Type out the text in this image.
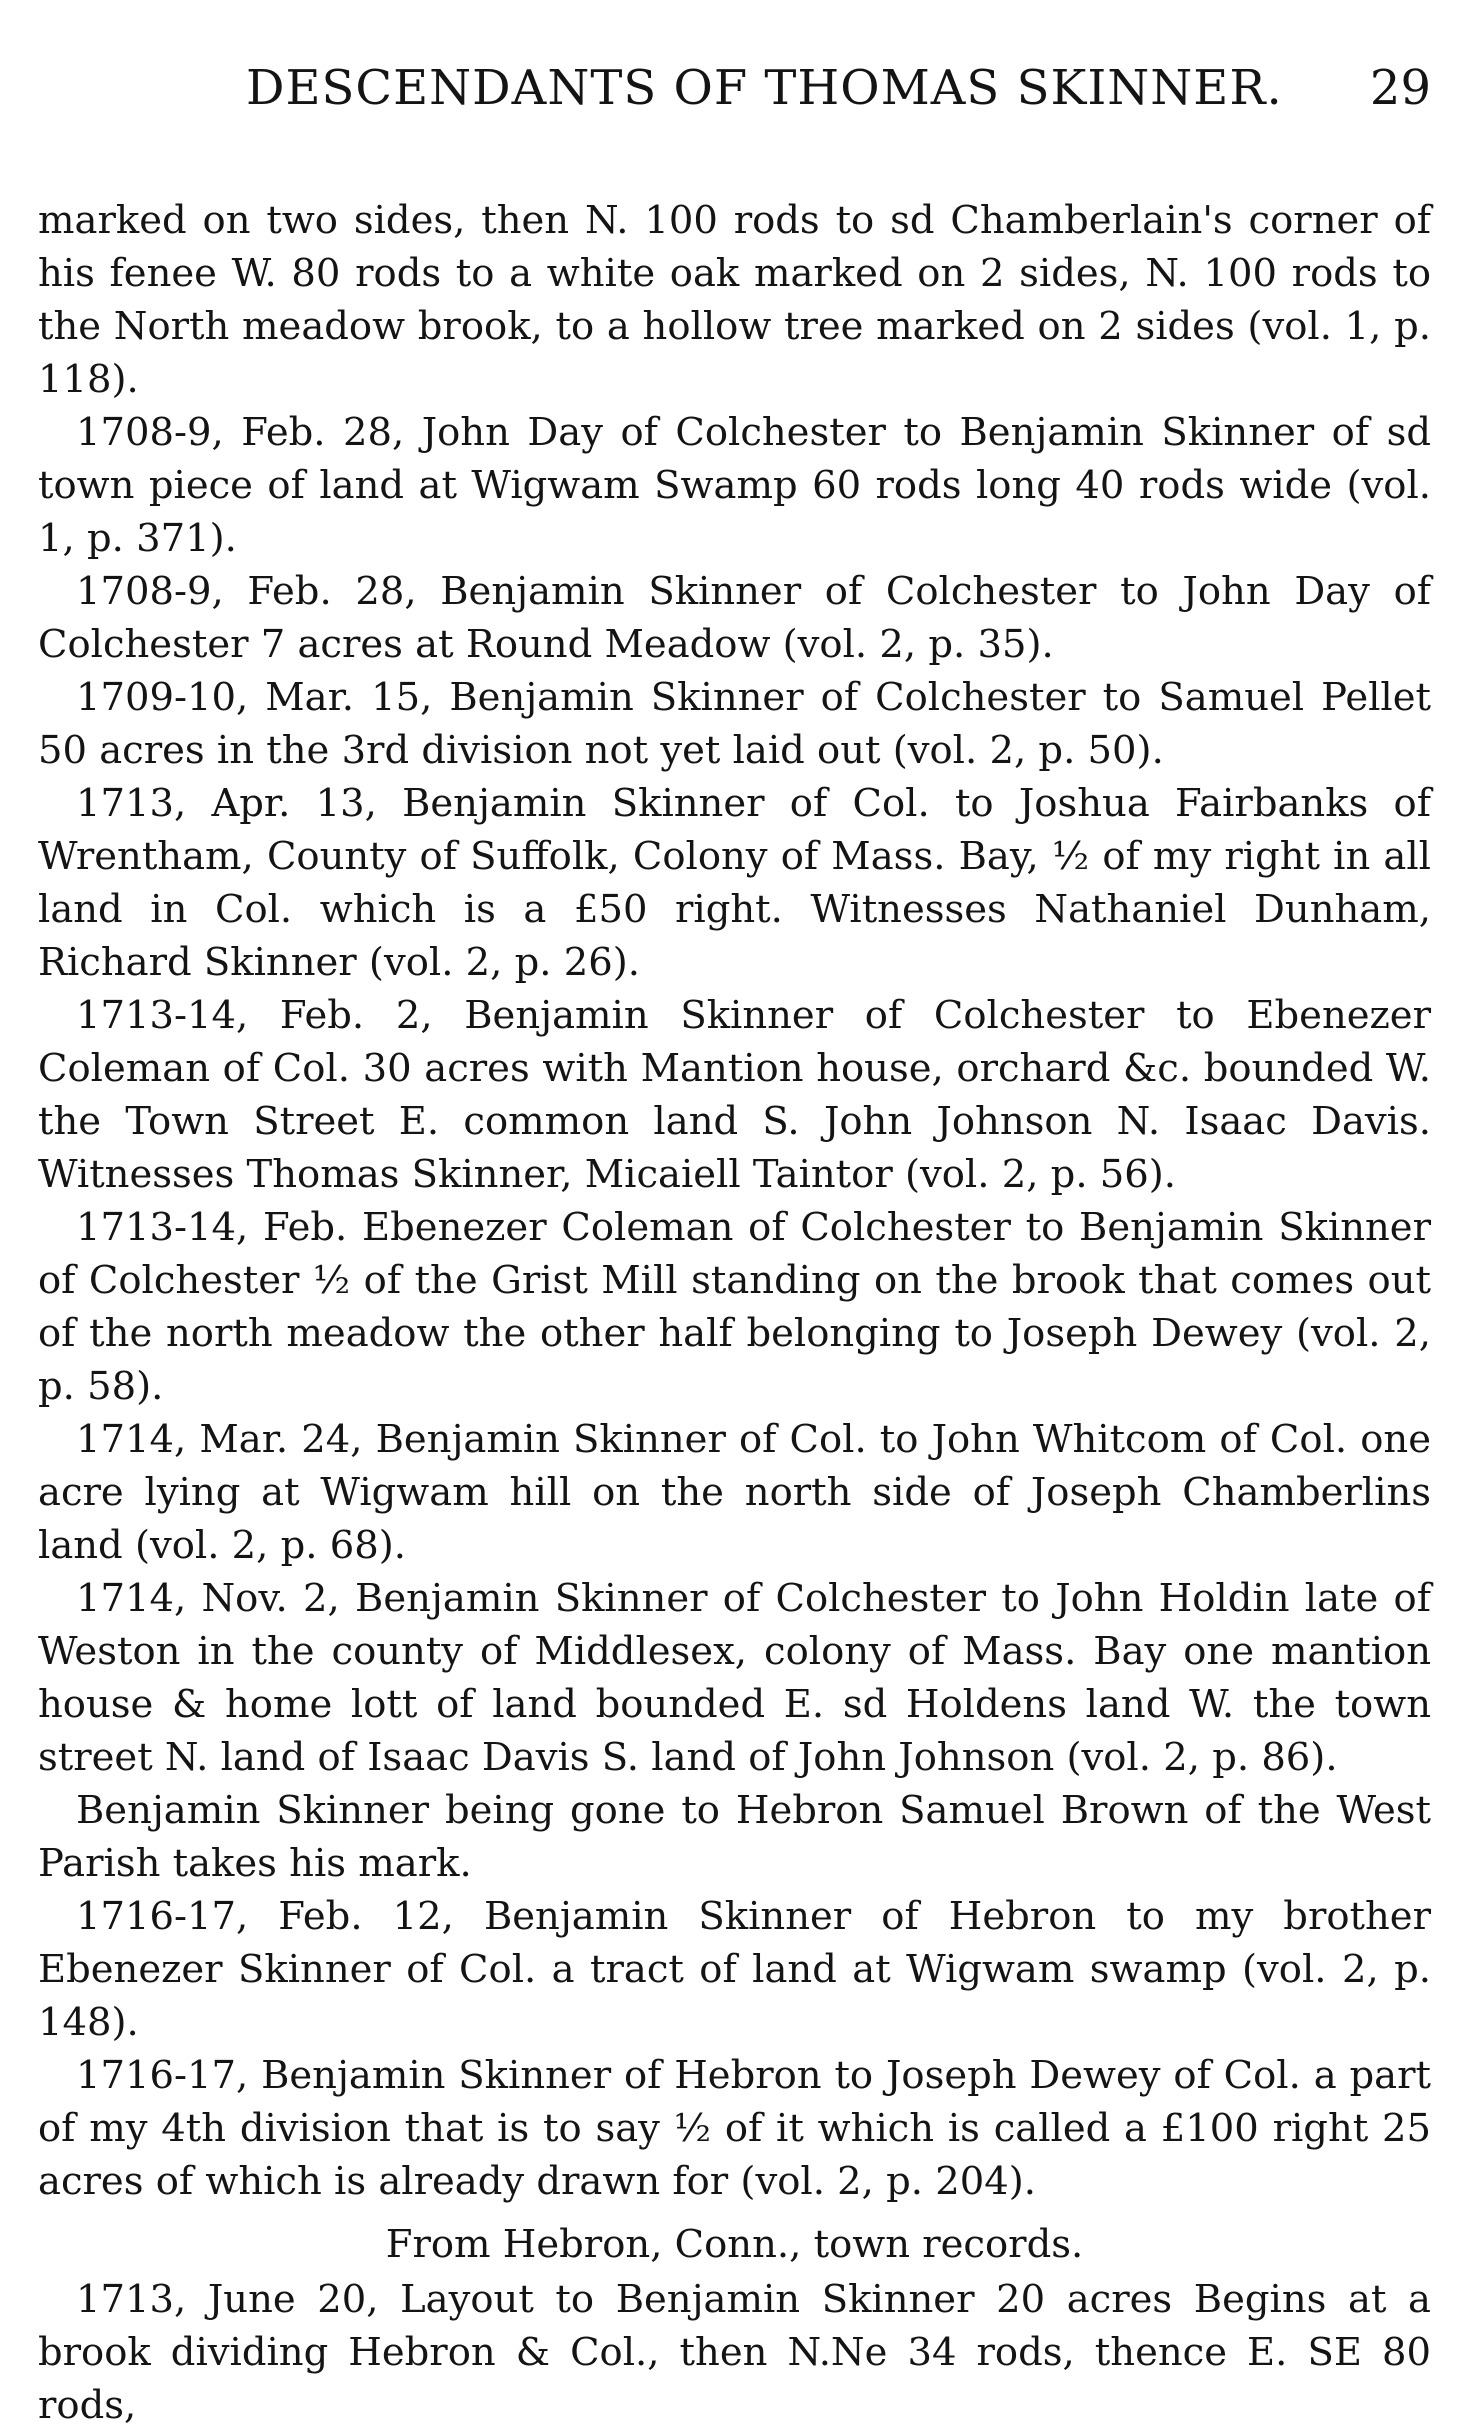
DESCENDANTS OF THOMAS SKINNER. 29

marked on two sides, then N. 100 rods to sd Chamberlain's corner of his fenee W. 80 rods to a white oak marked on 2 sides, N. 100 rods to the North meadow brook, to a hollow tree marked on 2 sides (vol. 1, p. 118).

1708-9, Feb. 28, John Day of Colchester to Benjamin Skinner of sd town piece of land at Wigwam Swamp 60 rods long 40 rods wide (vol. 1, p. 371).

1708-9, Feb. 28, Benjamin Skinner of Colchester to John Day of Colchester 7 acres at Round Meadow (vol. 2, p. 35).

1709-10, Mar. 15, Benjamin Skinner of Colchester to Samuel Pellet 50 acres in the 3rd division not yet laid out (vol. 2, p. 50).

1713, Apr. 13, Benjamin Skinner of Col. to Joshua Fairbanks of Wrentham, County of Suffolk, Colony of Mass. Bay, ½ of my right in all land in Col. which is a £50 right. Witnesses Nathaniel Dunham, Richard Skinner (vol. 2, p. 26).

1713-14, Feb. 2, Benjamin Skinner of Colchester to Ebenezer Coleman of Col. 30 acres with Mantion house, orchard &c. bounded W. the Town Street E. common land S. John Johnson N. Isaac Davis. Witnesses Thomas Skinner, Micaiell Taintor (vol. 2, p. 56).

1713-14, Feb. Ebenezer Coleman of Colchester to Benjamin Skinner of Colchester ½ of the Grist Mill standing on the brook that comes out of the north meadow the other half belonging to Joseph Dewey (vol. 2, p. 58).

1714, Mar. 24, Benjamin Skinner of Col. to John Whitcom of Col. one acre lying at Wigwam hill on the north side of Joseph Chamberlins land (vol. 2, p. 68).

1714, Nov. 2, Benjamin Skinner of Colchester to John Holdin late of Weston in the county of Middlesex, colony of Mass. Bay one mantion house & home lott of land bounded E. sd Holdens land W. the town street N. land of Isaac Davis S. land of John Johnson (vol. 2, p. 86).

Benjamin Skinner being gone to Hebron Samuel Brown of the West Parish takes his mark.

1716-17, Feb. 12, Benjamin Skinner of Hebron to my brother Ebenezer Skinner of Col. a tract of land at Wigwam swamp (vol. 2, p. 148).

1716-17, Benjamin Skinner of Hebron to Joseph Dewey of Col. a part of my 4th division that is to say ½ of it which is called a £100 right 25 acres of which is already drawn for (vol. 2, p. 204).

From Hebron, Conn., town records.

1713, June 20, Layout to Benjamin Skinner 20 acres Begins at a brook dividing Hebron & Col., then N.Ne 34 rods, thence E. SE 80 rods,
